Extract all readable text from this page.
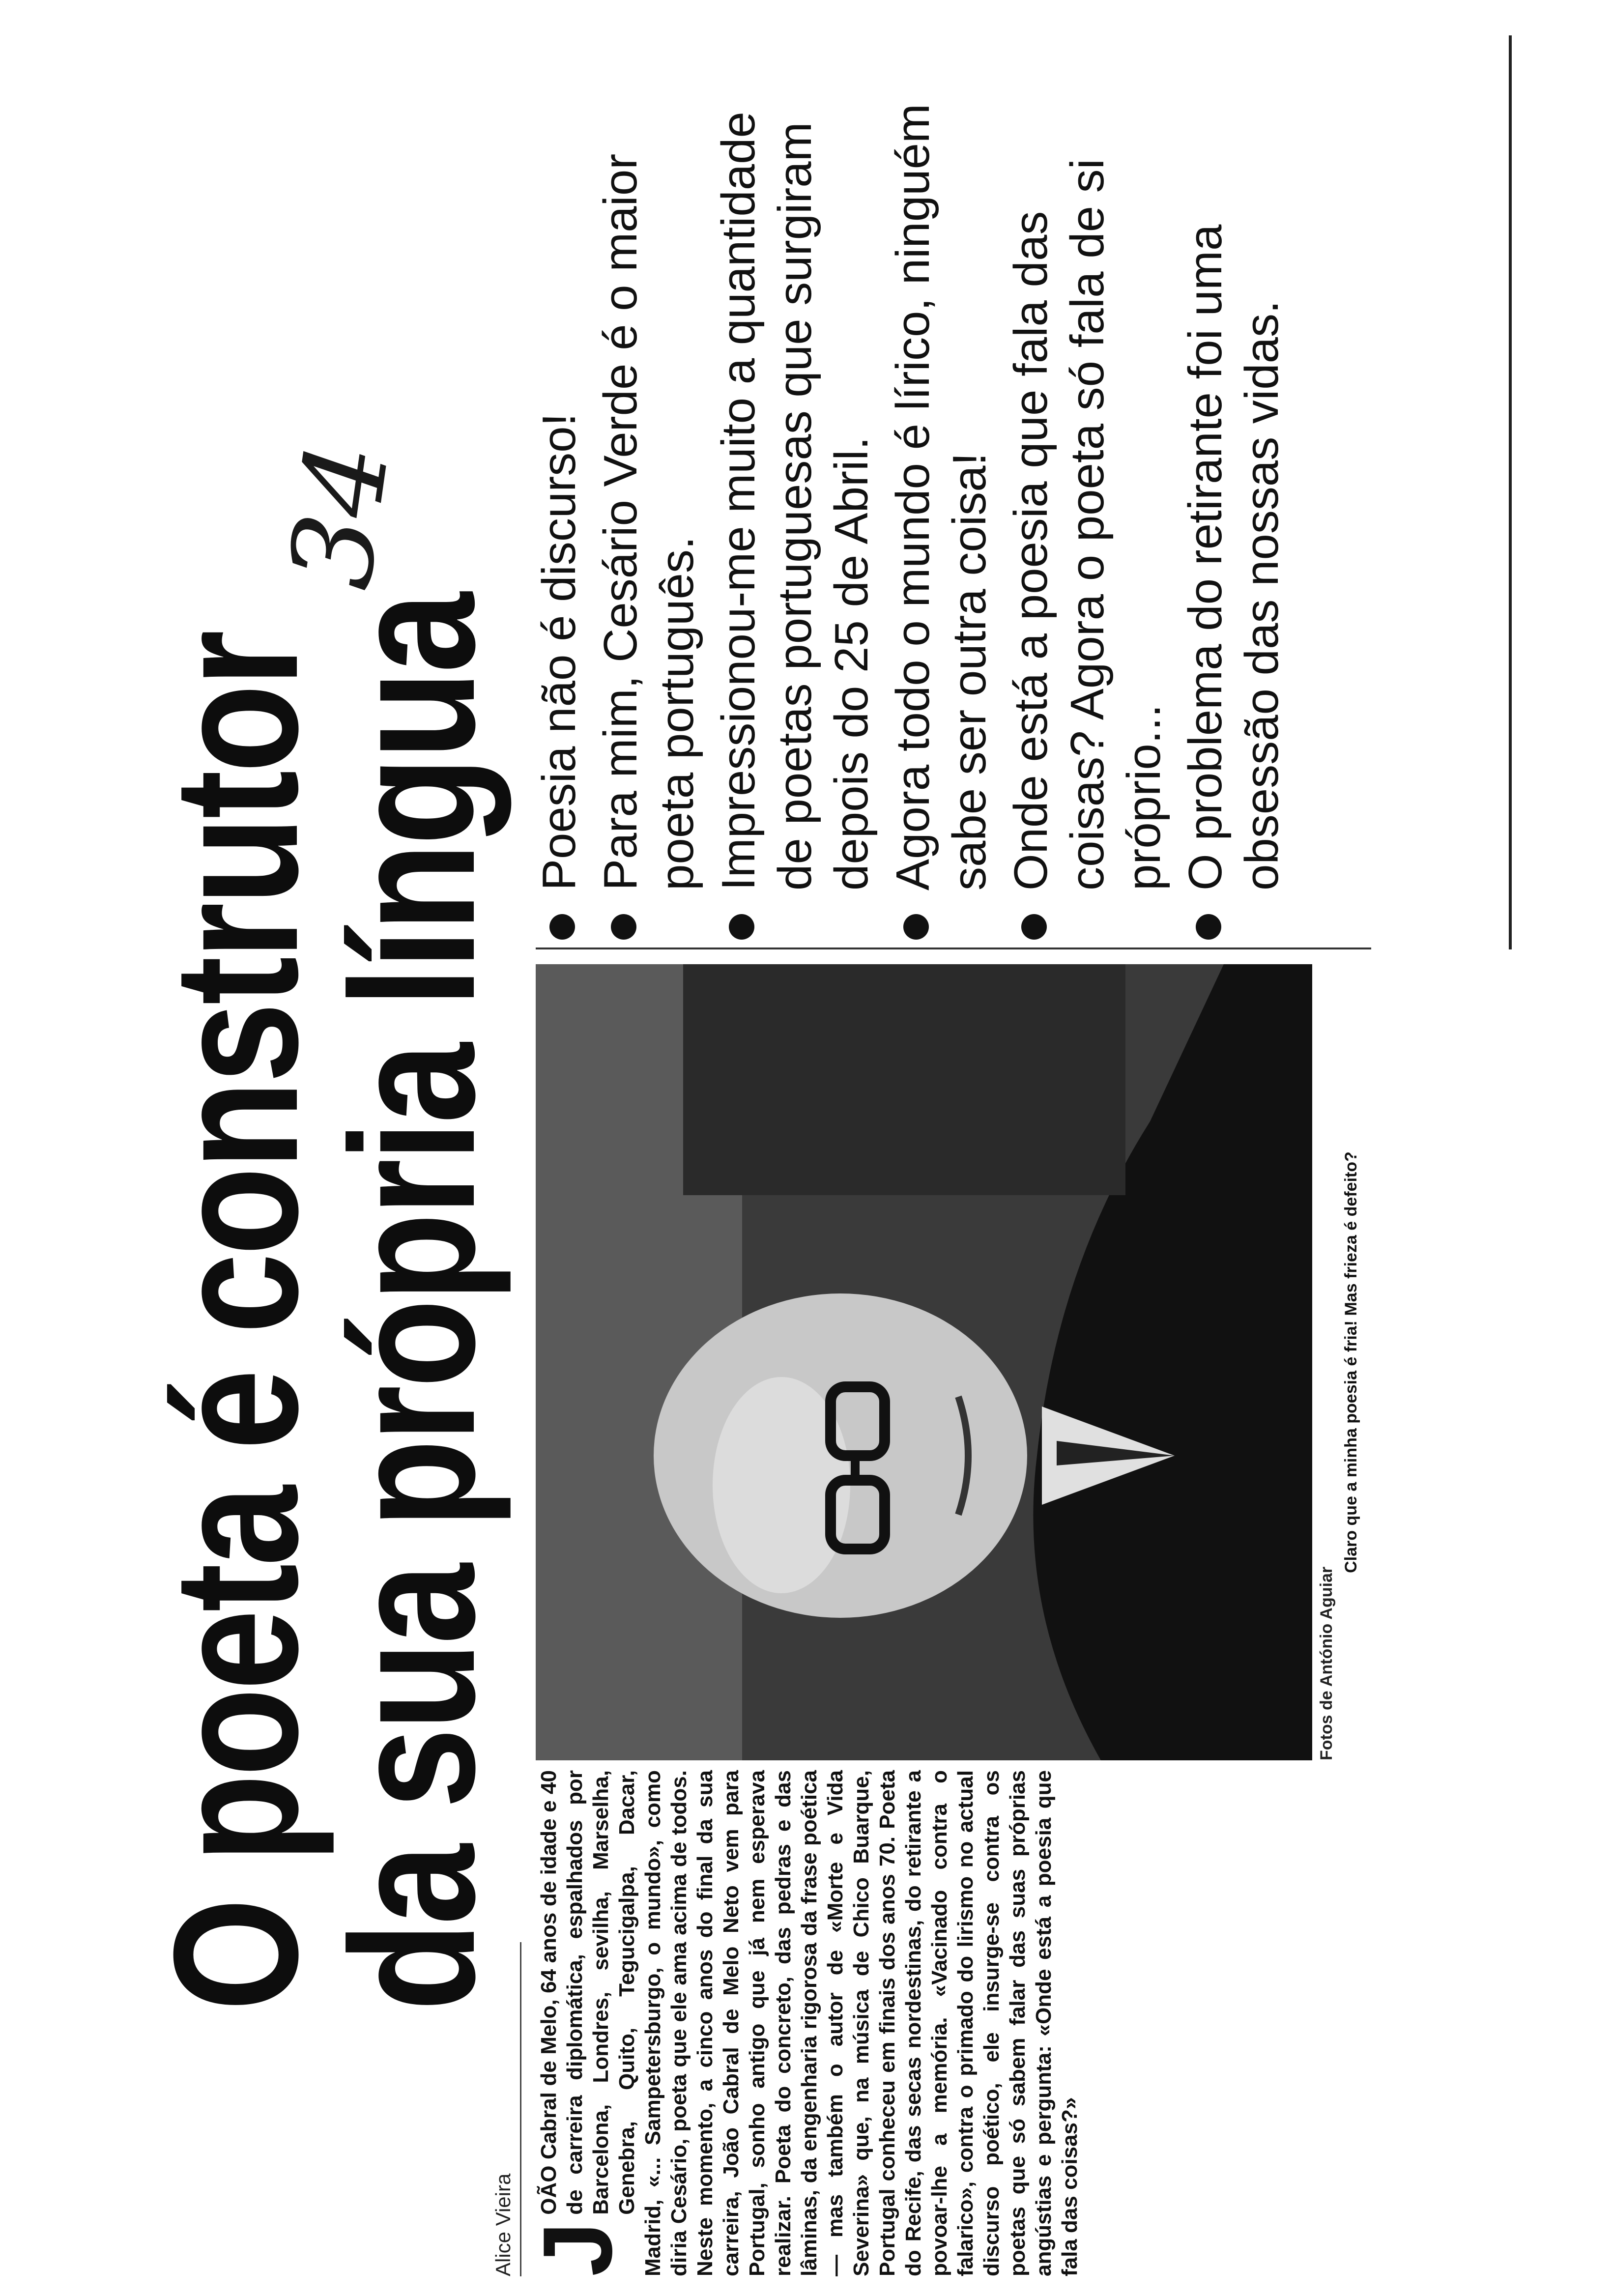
O poeta é construtor
da sua própria língua
34
Alice Vieira J
OÃO Cabral de Melo, 64 anos de idade e 40 de carreira diplomática, espalhados por Barcelona, Londres, sevilha, Marselha, Genebra, Quito, Tegucigalpa, Dacar, Madrid, «... Sampetersburgo, o mundo», como diria Cesário, poeta que ele ama acima de todos. Neste momento, a cinco anos do final da sua carreira, João Cabral de Melo Neto vem para Portugal, sonho antigo que já nem esperava realizar. Poeta do concreto, das pedras e das lâminas, da engenharia rigorosa da frase poética — mas também o autor de «Morte e Vida Severina» que, na música de Chico Buarque, Portugal conheceu em finais dos anos 70. Poeta do Recife, das secas nordestinas, do retirante a povoar-lhe a memória. «Vacinado contra o falarico», contra o primado do lirismo no actual discurso poético, ele insurge-se contra os poetas que só sabem falar das suas próprias angústias e pergunta: «Onde está a poesia que fala das coisas?»
Fotos de António Aguiar
Claro que a minha poesia é fria! Mas frieza é defeito?
Poesia não é discurso! Para mim, Cesário Verde é o maior poeta português. Impressionou-me muito a quantidade de poetas portuguesas que surgiram depois do 25 de Abril. Agora todo o mundo é lírico, ninguém sabe ser outra coisa! Onde está a poesia que fala das coisas? Agora o poeta só fala de si próprio... O problema do retirante foi uma obsessão das nossas vidas.
